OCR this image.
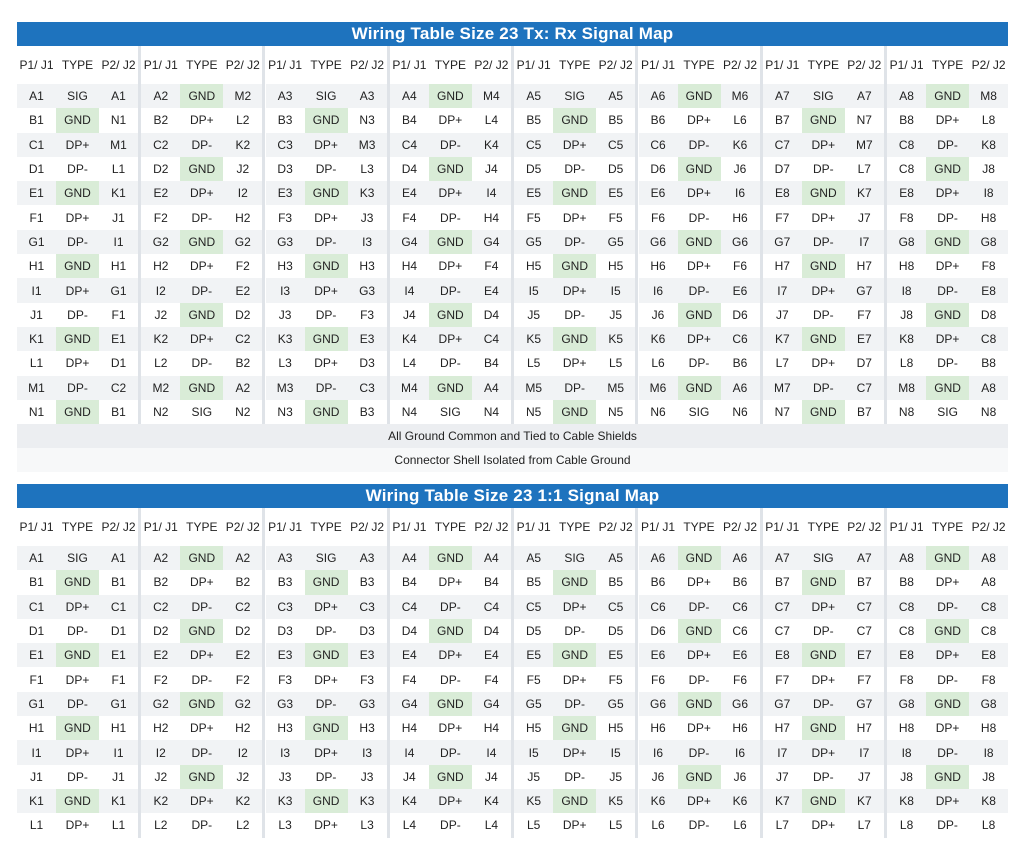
Wiring Table Size 23 Tx: Rx Signal Map
P1/ J1	TYPE	P2/ J2
A1	SIG	A1
B1	GND	N1
C1	DP+	M1
D1	DP-	L1
E1	GND	K1
F1	DP+	J1
G1	DP-	I1
H1	GND	H1
I1	DP+	G1
J1	DP-	F1
K1	GND	E1
L1	DP+	D1
M1	DP-	C2
N1	GND	B1
P1/ J1	TYPE	P2/ J2
A2	GND	M2
B2	DP+	L2
C2	DP-	K2
D2	GND	J2
E2	DP+	I2
F2	DP-	H2
G2	GND	G2
H2	DP+	F2
I2	DP-	E2
J2	GND	D2
K2	DP+	C2
L2	DP-	B2
M2	GND	A2
N2	SIG	N2
P1/ J1	TYPE	P2/ J2
A3	SIG	A3
B3	GND	N3
C3	DP+	M3
D3	DP-	L3
E3	GND	K3
F3	DP+	J3
G3	DP-	I3
H3	GND	H3
I3	DP+	G3
J3	DP-	F3
K3	GND	E3
L3	DP+	D3
M3	DP-	C3
N3	GND	B3
P1/ J1	TYPE	P2/ J2
A4	GND	M4
B4	DP+	L4
C4	DP-	K4
D4	GND	J4
E4	DP+	I4
F4	DP-	H4
G4	GND	G4
H4	DP+	F4
I4	DP-	E4
J4	GND	D4
K4	DP+	C4
L4	DP-	B4
M4	GND	A4
N4	SIG	N4
P1/ J1	TYPE	P2/ J2
A5	SIG	A5
B5	GND	B5
C5	DP+	C5
D5	DP-	D5
E5	GND	E5
F5	DP+	F5
G5	DP-	G5
H5	GND	H5
I5	DP+	I5
J5	DP-	J5
K5	GND	K5
L5	DP+	L5
M5	DP-	M5
N5	GND	N5
P1/ J1	TYPE	P2/ J2
A6	GND	M6
B6	DP+	L6
C6	DP-	K6
D6	GND	J6
E6	DP+	I6
F6	DP-	H6
G6	GND	G6
H6	DP+	F6
I6	DP-	E6
J6	GND	D6
K6	DP+	C6
L6	DP-	B6
M6	GND	A6
N6	SIG	N6
P1/ J1	TYPE	P2/ J2
A7	SIG	A7
B7	GND	N7
C7	DP+	M7
D7	DP-	L7
E8	GND	K7
F7	DP+	J7
G7	DP-	I7
H7	GND	H7
I7	DP+	G7
J7	DP-	F7
K7	GND	E7
L7	DP+	D7
M7	DP-	C7
N7	GND	B7
P1/ J1	TYPE	P2/ J2
A8	GND	M8
B8	DP+	L8
C8	DP-	K8
C8	GND	J8
E8	DP+	I8
F8	DP-	H8
G8	GND	G8
H8	DP+	F8
I8	DP-	E8
J8	GND	D8
K8	DP+	C8
L8	DP-	B8
M8	GND	A8
N8	SIG	N8
All Ground Common and Tied to Cable Shields
Connector Shell Isolated from Cable Ground
Wiring Table Size 23 1:1 Signal Map
P1/ J1	TYPE	P2/ J2
A1	SIG	A1
B1	GND	B1
C1	DP+	C1
D1	DP-	D1
E1	GND	E1
F1	DP+	F1
G1	DP-	G1
H1	GND	H1
I1	DP+	I1
J1	DP-	J1
K1	GND	K1
L1	DP+	L1
P1/ J1	TYPE	P2/ J2
A2	GND	A2
B2	DP+	B2
C2	DP-	C2
D2	GND	D2
E2	DP+	E2
F2	DP-	F2
G2	GND	G2
H2	DP+	H2
I2	DP-	I2
J2	GND	J2
K2	DP+	K2
L2	DP-	L2
P1/ J1	TYPE	P2/ J2
A3	SIG	A3
B3	GND	B3
C3	DP+	C3
D3	DP-	D3
E3	GND	E3
F3	DP+	F3
G3	DP-	G3
H3	GND	H3
I3	DP+	I3
J3	DP-	J3
K3	GND	K3
L3	DP+	L3
P1/ J1	TYPE	P2/ J2
A4	GND	A4
B4	DP+	B4
C4	DP-	C4
D4	GND	D4
E4	DP+	E4
F4	DP-	F4
G4	GND	G4
H4	DP+	H4
I4	DP-	I4
J4	GND	J4
K4	DP+	K4
L4	DP-	L4
P1/ J1	TYPE	P2/ J2
A5	SIG	A5
B5	GND	B5
C5	DP+	C5
D5	DP-	D5
E5	GND	E5
F5	DP+	F5
G5	DP-	G5
H5	GND	H5
I5	DP+	I5
J5	DP-	J5
K5	GND	K5
L5	DP+	L5
P1/ J1	TYPE	P2/ J2
A6	GND	A6
B6	DP+	B6
C6	DP-	C6
D6	GND	C6
E6	DP+	E6
F6	DP-	F6
G6	GND	G6
H6	DP+	H6
I6	DP-	I6
J6	GND	J6
K6	DP+	K6
L6	DP-	L6
P1/ J1	TYPE	P2/ J2
A7	SIG	A7
B7	GND	B7
C7	DP+	C7
C7	DP-	C7
E8	GND	E7
F7	DP+	F7
G7	DP-	G7
H7	GND	H7
I7	DP+	I7
J7	DP-	J7
K7	GND	K7
L7	DP+	L7
P1/ J1	TYPE	P2/ J2
A8	GND	A8
B8	DP+	A8
C8	DP-	C8
C8	GND	C8
E8	DP+	E8
F8	DP-	F8
G8	GND	G8
H8	DP+	H8
I8	DP-	I8
J8	GND	J8
K8	DP+	K8
L8	DP-	L8
